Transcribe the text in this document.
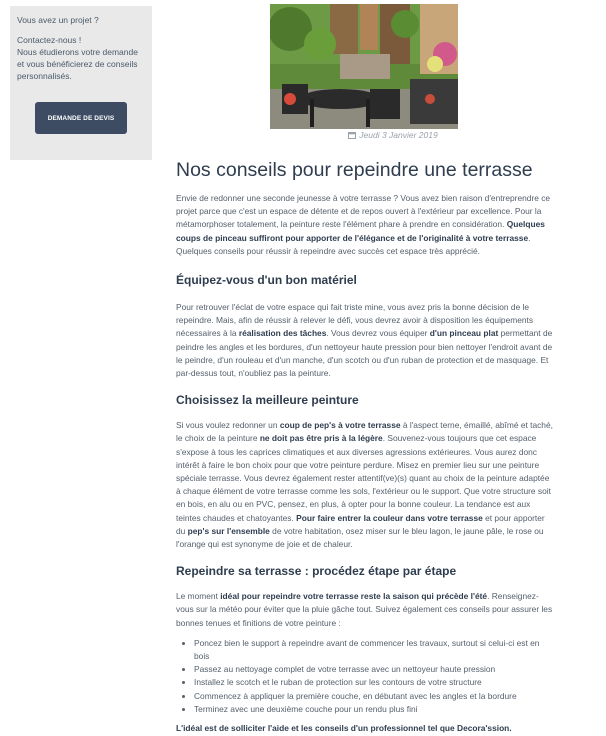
Vous avez un projet ?

Contactez-nous !

Nous étudierons votre demande et vous bénéficierez de conseils personnalisés.

DEMANDE DE DEVIS
Jeudi 3 Janvier 2019
Nos conseils pour repeindre une terrasse

Envie de redonner une seconde jeunesse à votre terrasse ? Vous avez bien raison d'entreprendre ce projet parce que c'est un espace de détente et de repos ouvert à l'extérieur par excellence. Pour la métamorphoser totalement, la peinture reste l'élément phare à prendre en considération. Quelques coups de pinceau suffiront pour apporter de l'élégance et de l'originalité à votre terrasse. Quelques conseils pour réussir à repeindre avec succès cet espace très apprécié.

Équipez-vous d'un bon matériel

Pour retrouver l'éclat de votre espace qui fait triste mine, vous avez pris la bonne décision de le repeindre. Mais, afin de réussir à relever le défi, vous devrez avoir à disposition les équipements nécessaires à la réalisation des tâches. Vous devrez vous équiper d'un pinceau plat permettant de peindre les angles et les bordures, d'un nettoyeur haute pression pour bien nettoyer l'endroit avant de le peindre, d'un rouleau et d'un manche, d'un scotch ou d'un ruban de protection et de masquage. Et par-dessus tout, n'oubliez pas la peinture.

Choisissez la meilleure peinture

Si vous voulez redonner un coup de pep's à votre terrasse à l'aspect terne, émaillé, abîmé et taché, le choix de la peinture ne doit pas être pris à la légère. Souvenez-vous toujours que cet espace s'expose à tous les caprices climatiques et aux diverses agressions extérieures. Vous aurez donc intérêt à faire le bon choix pour que votre peinture perdure. Misez en premier lieu sur une peinture spéciale terrasse. Vous devrez également rester attentif(ve)(s) quant au choix de la peinture adaptée à chaque élément de votre terrasse comme les sols, l'extérieur ou le support. Que votre structure soit en bois, en alu ou en PVC, pensez, en plus, à opter pour la bonne couleur. La tendance est aux teintes chaudes et chatoyantes. Pour faire entrer la couleur dans votre terrasse et pour apporter du pep's sur l'ensemble de votre habitation, osez miser sur le bleu lagon, le jaune pâle, le rose ou l'orange qui est synonyme de joie et de chaleur.

Repeindre sa terrasse : procédez étape par étape

Le moment idéal pour repeindre votre terrasse reste la saison qui précède l'été. Renseignez-vous sur la météo pour éviter que la pluie gâche tout. Suivez également ces conseils pour assurer les bonnes tenues et finitions de votre peinture :

• Poncez bien le support à repeindre avant de commencer les travaux, surtout si celui-ci est en bois
• Passez au nettoyage complet de votre terrasse avec un nettoyeur haute pression
• Installez le scotch et le ruban de protection sur les contours de votre structure
• Commencez à appliquer la première couche, en débutant avec les angles et la bordure
• Terminez avec une deuxième couche pour un rendu plus fini

L'idéal est de solliciter l'aide et les conseils d'un professionnel tel que Decora'ssion.
